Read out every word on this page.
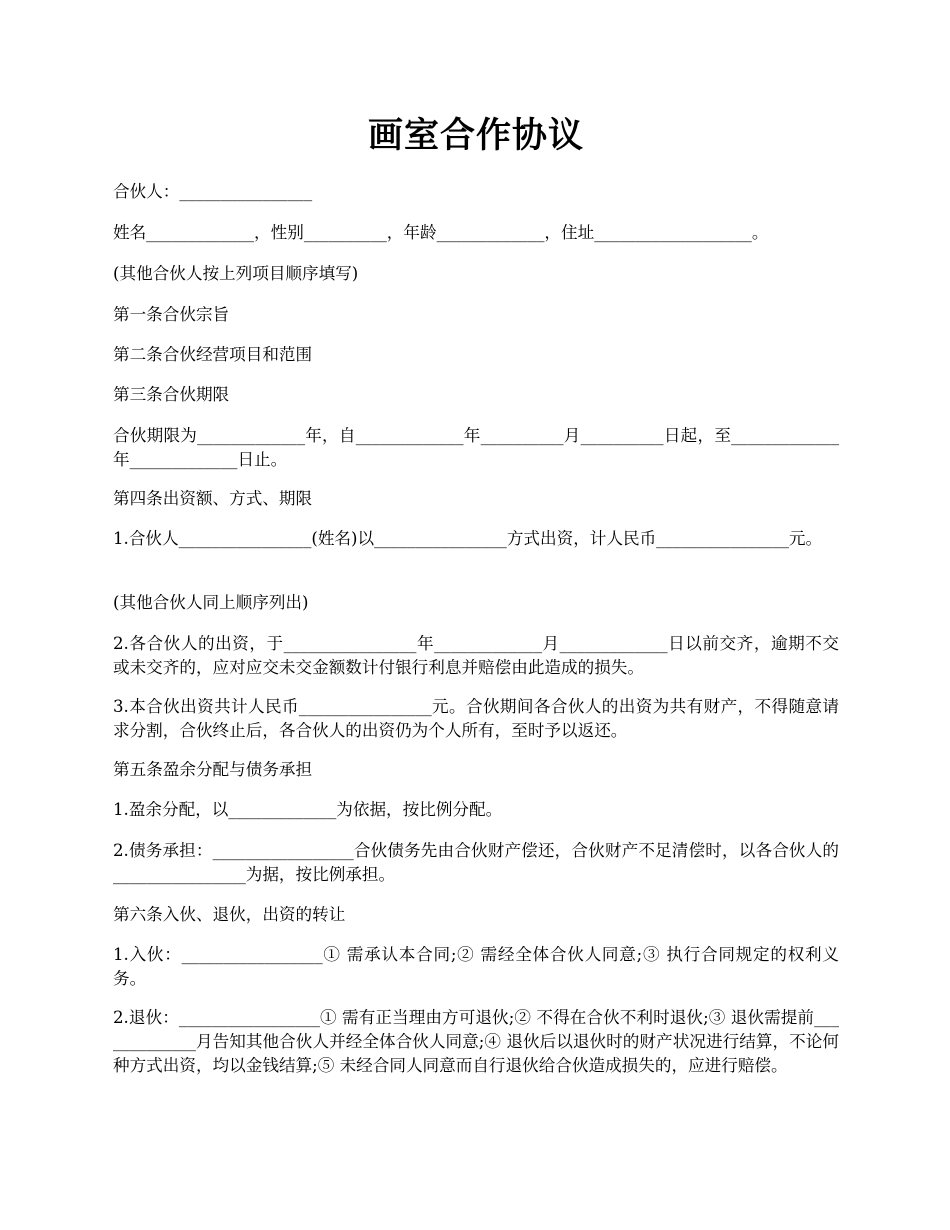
画室合作协议
合伙人：________________
姓名_____________，性别__________，年龄_____________，住址___________________。
(其他合伙人按上列项目顺序填写)
第一条合伙宗旨
第二条合伙经营项目和范围
第三条合伙期限
合伙期限为_____________年，自_____________年__________月__________日起，至_____________年_____________日止。
第四条出资额、方式、期限
1.合伙人________________(姓名)以________________方式出资，计人民币________________元。
(其他合伙人同上顺序列出)
2.各合伙人的出资，于________________年_____________月_____________日以前交齐，逾期不交或未交齐的，应对应交未交金额数计付银行利息并赔偿由此造成的损失。
3.本合伙出资共计人民币________________元。合伙期间各合伙人的出资为共有财产，不得随意请求分割，合伙终止后，各合伙人的出资仍为个人所有，至时予以返还。
第五条盈余分配与债务承担
1.盈余分配，以_____________为依据，按比例分配。
2.债务承担：_________________合伙债务先由合伙财产偿还，合伙财产不足清偿时，以各合伙人的________________为据，按比例承担。
第六条入伙、退伙，出资的转让
1.入伙：_________________① 需承认本合同;② 需经全体合伙人同意;③ 执行合同规定的权利义务。
2.退伙：_________________① 需有正当理由方可退伙;② 不得在合伙不利时退伙;③ 退伙需提前_____________月告知其他合伙人并经全体合伙人同意;④ 退伙后以退伙时的财产状况进行结算，不论何种方式出资，均以金钱结算;⑤ 未经合同人同意而自行退伙给合伙造成损失的，应进行赔偿。
